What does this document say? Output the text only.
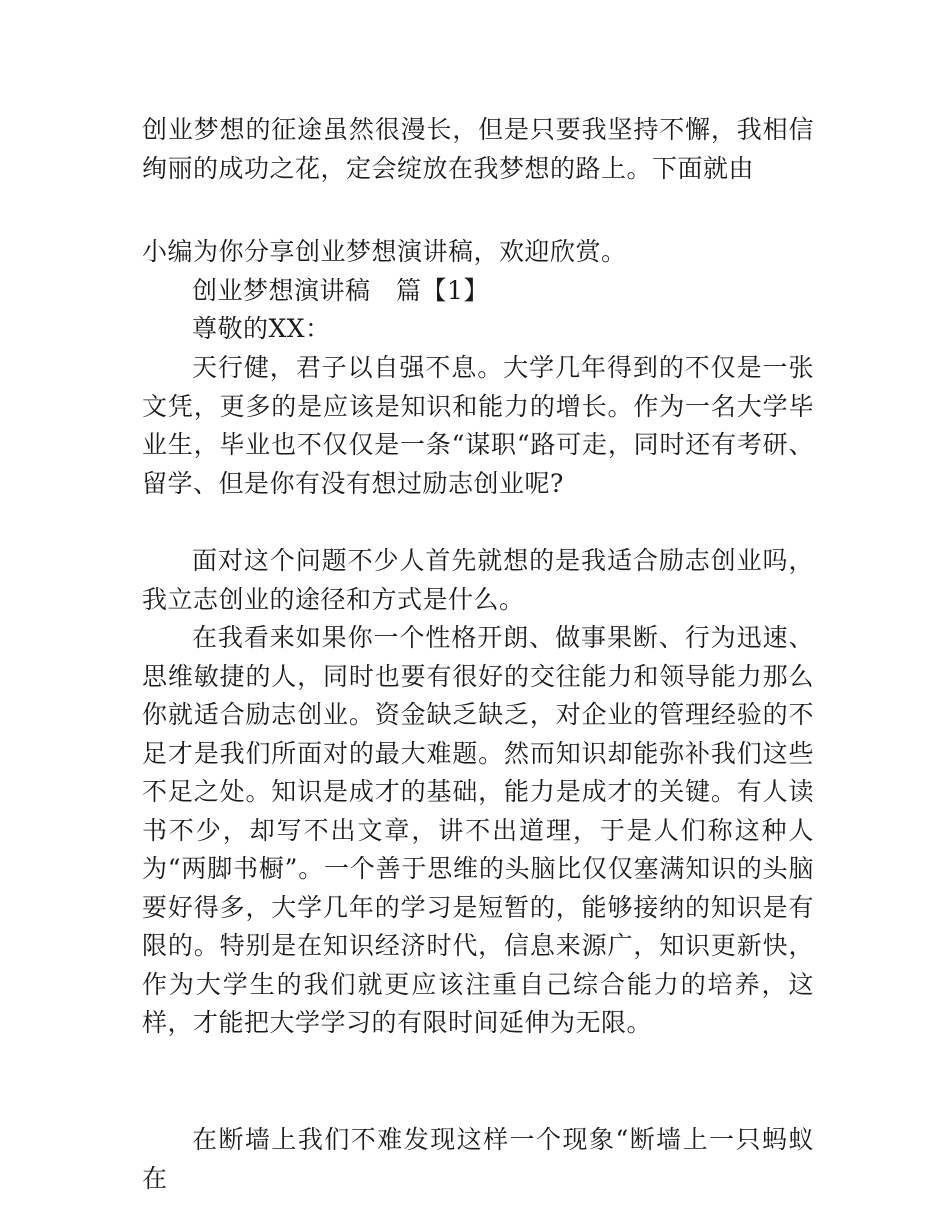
创业梦想的征途虽然很漫长，但是只要我坚持不懈，我相信绚丽的成功之花，定会绽放在我梦想的路上。下面就由

小编为你分享创业梦想演讲稿，欢迎欣赏。

创业梦想演讲稿　篇【1】

尊敬的XX：

天行健，君子以自强不息。大学几年得到的不仅是一张文凭，更多的是应该是知识和能力的增长。作为一名大学毕业生，毕业也不仅仅是一条“谋职“路可走，同时还有考研、留学、但是你有没有想过励志创业呢?

面对这个问题不少人首先就想的是我适合励志创业吗，我立志创业的途径和方式是什么。

在我看来如果你一个性格开朗、做事果断、行为迅速、思维敏捷的人，同时也要有很好的交往能力和领导能力那么你就适合励志创业。资金缺乏缺乏，对企业的管理经验的不足才是我们所面对的最大难题。然而知识却能弥补我们这些不足之处。知识是成才的基础，能力是成才的关键。有人读书不少，却写不出文章，讲不出道理，于是人们称这种人为“两脚书橱”。一个善于思维的头脑比仅仅塞满知识的头脑要好得多，大学几年的学习是短暂的，能够接纳的知识是有限的。特别是在知识经济时代，信息来源广，知识更新快，作为大学生的我们就更应该注重自己综合能力的培养，这样，才能把大学学习的有限时间延伸为无限。

在断墙上我们不难发现这样一个现象“断墙上一只蚂蚁在
